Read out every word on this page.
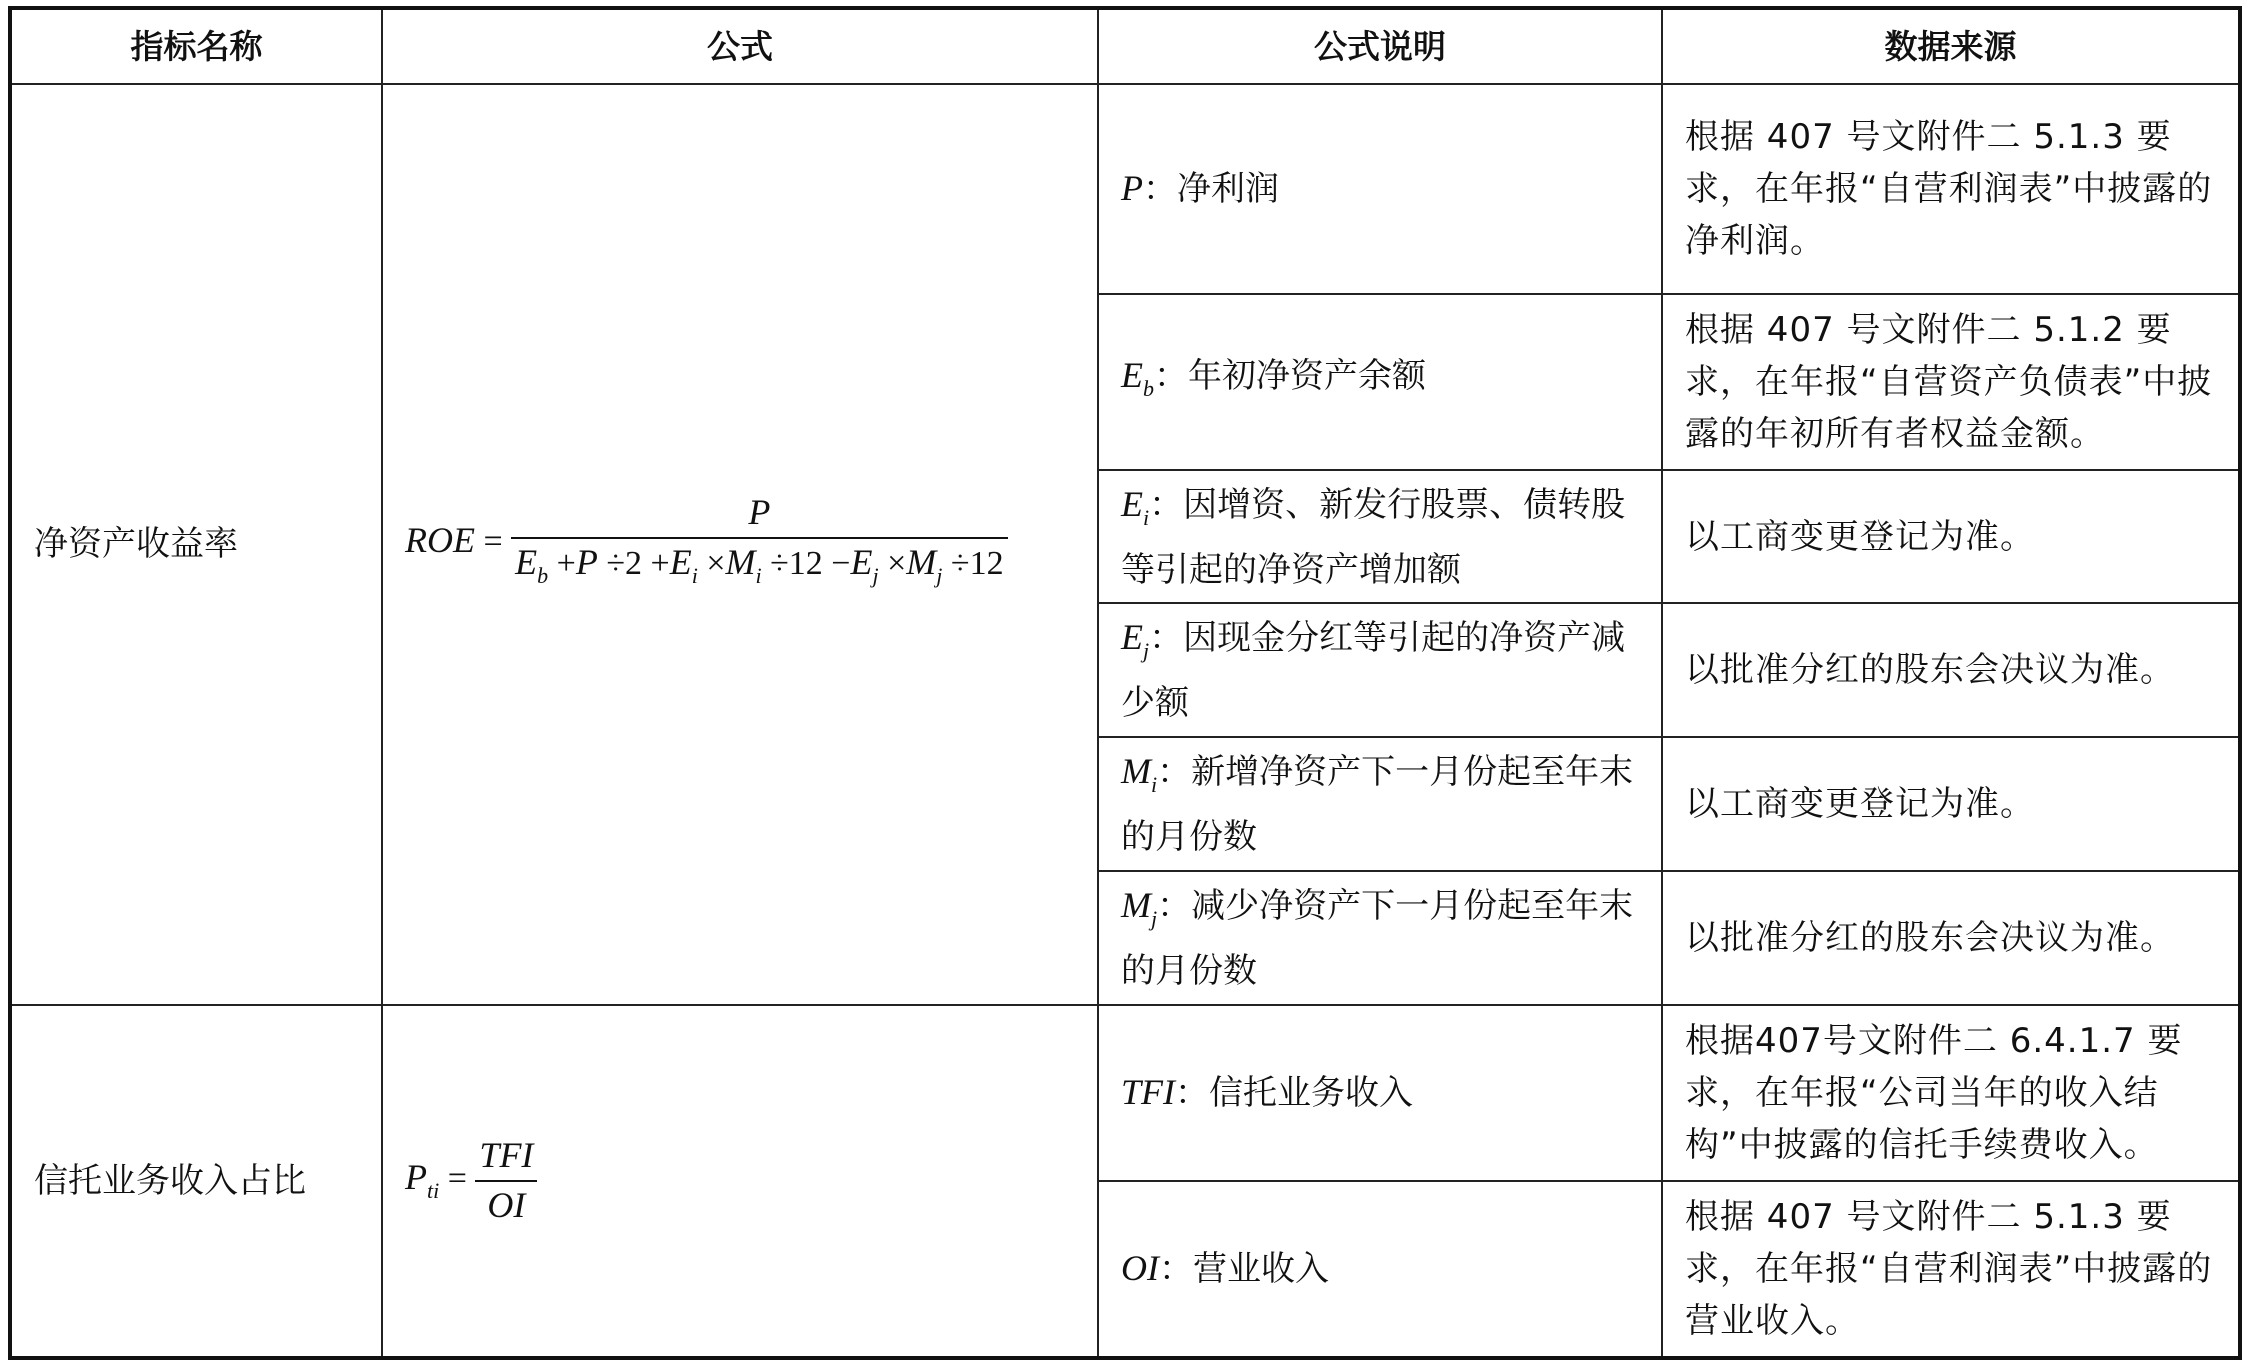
指标名称	公式	公式说明	数据来源
净资产收益率	ROE = $\frac{P}{E_b +P \div 2 +E_i \times M_i \div 12 -E_j \times M_j \div 12}$	P：净利润	根据 407 号文附件二 5.1.3 要求，在年报“自营利润表”中披露的净利润。
		$E_b$：年初净资产余额	根据 407 号文附件二 5.1.2 要求，在年报“自营资产负债表”中披露的年初所有者权益金额。
		$E_i$：因增资、新发行股票、债转股等引起的净资产增加额	以工商变更登记为准。
		$E_j$：因现金分红等引起的净资产减少额	以批准分红的股东会决议为准。
		$M_i$：新增净资产下一月份起至年末的月份数	以工商变更登记为准。
		$M_j$：减少净资产下一月份起至年末的月份数	以批准分红的股东会决议为准。
信托业务收入占比	$P_{ti} = \frac{\text{TFI}}{OI}$	TFI：信托业务收入	根据407号文附件二 6.4.1.7 要求，在年报“公司当年的收入结构”中披露的信托手续费收入。
		OI：营业收入	根据 407 号文附件二 5.1.3 要求，在年报“自营利润表”中披露的营业收入。
